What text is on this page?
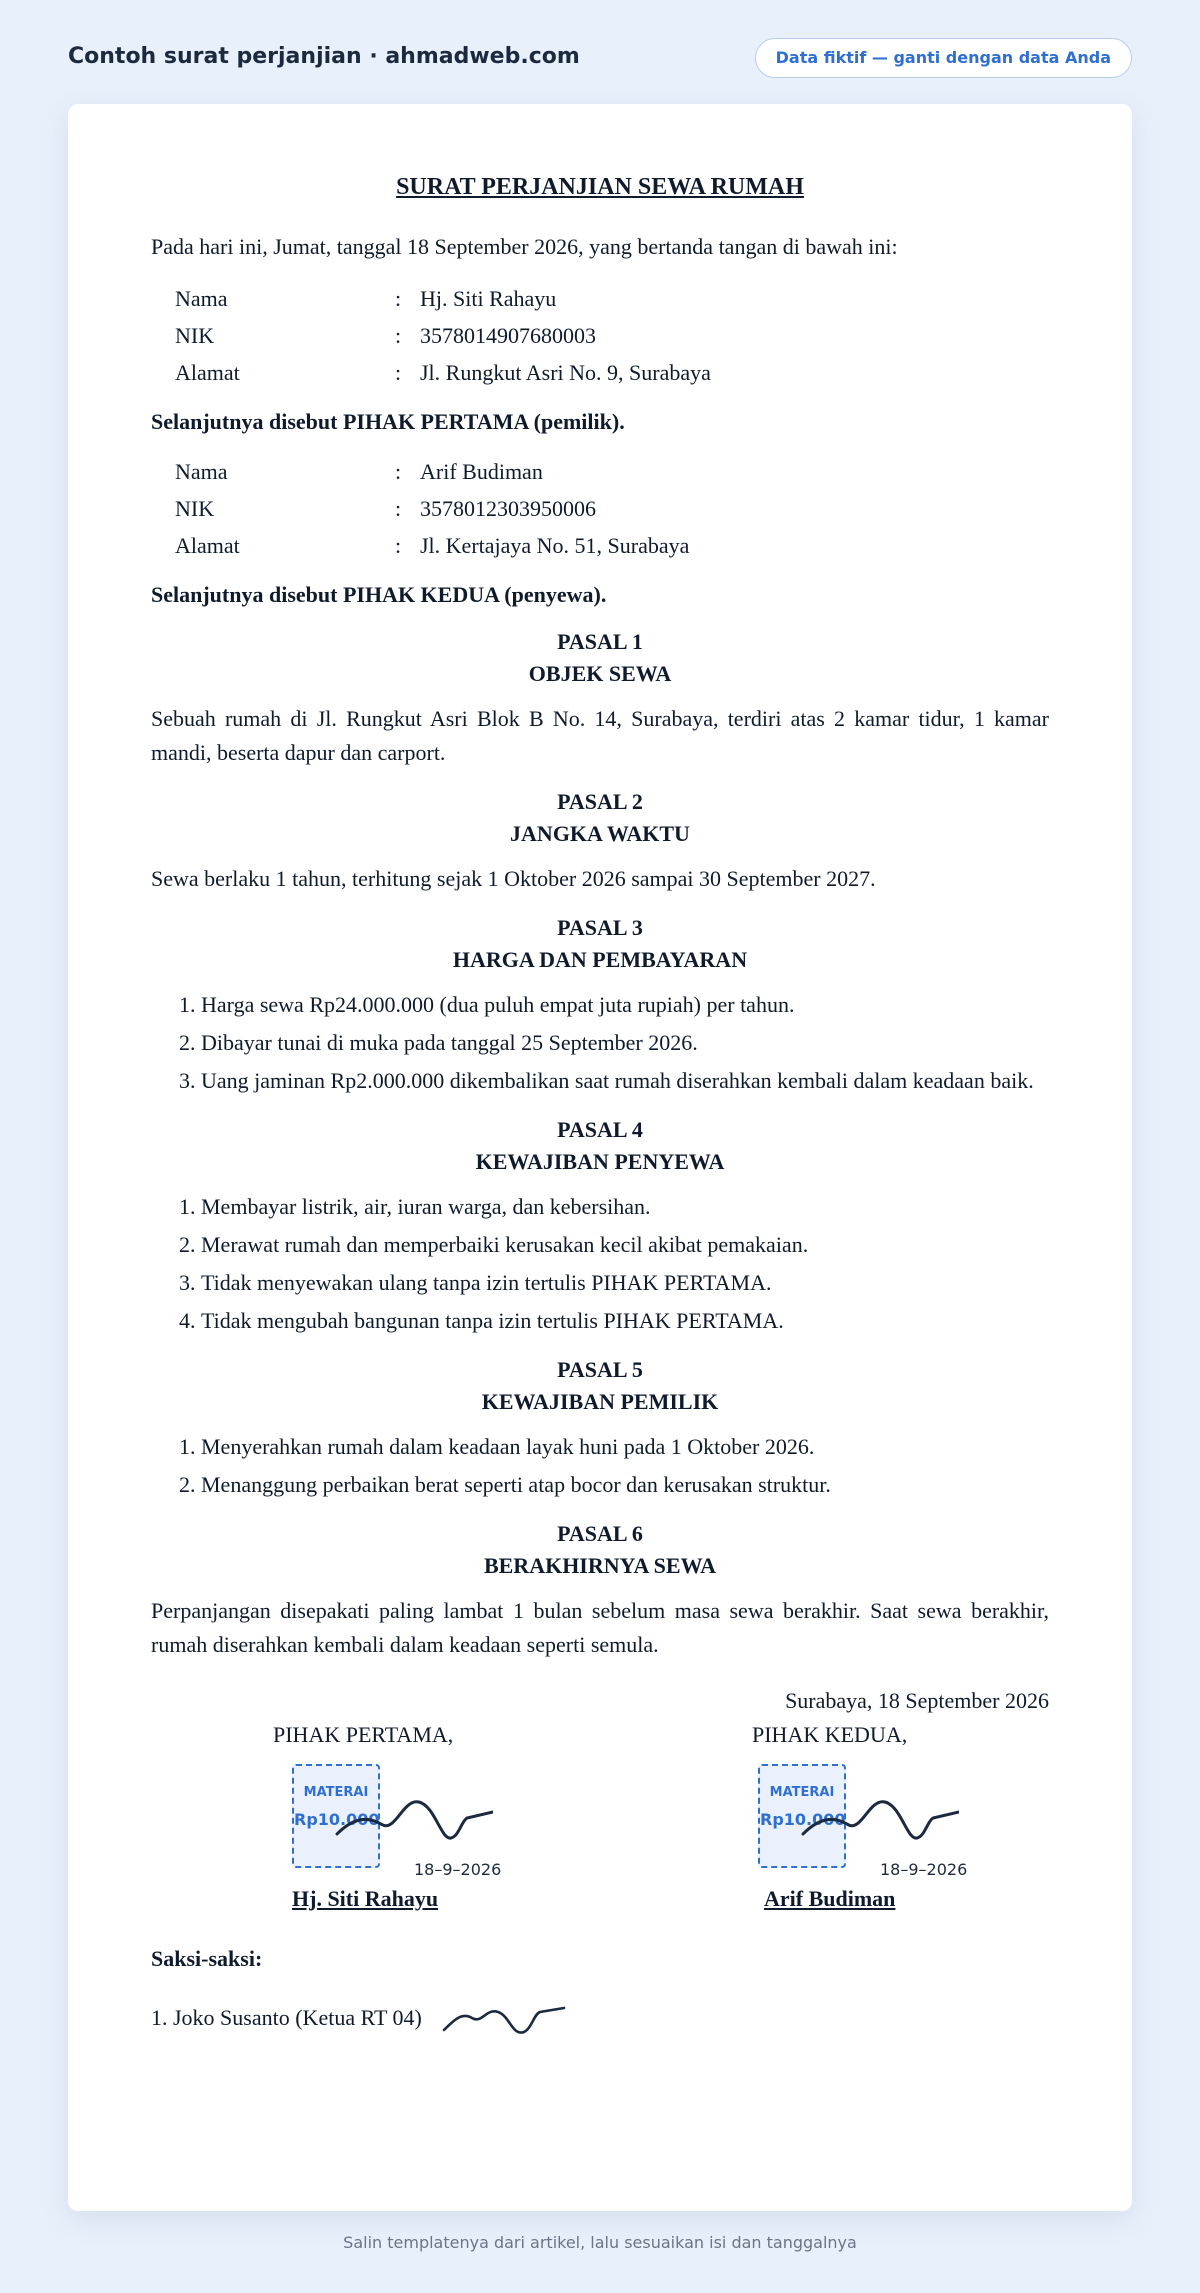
Contoh surat perjanjian · ahmadweb.com	Data fiktif — ganti dengan data Anda
SURAT PERJANJIAN SEWA RUMAH
Pada hari ini, Jumat, tanggal 18 September 2026, yang bertanda tangan di bawah ini:
Nama	: Hj. Siti Rahayu
NIK	: 3578014907680003
Alamat	: Jl. Rungkut Asri No. 9, Surabaya
Selanjutnya disebut PIHAK PERTAMA (pemilik).
Nama	: Arif Budiman
NIK	: 3578012303950006
Alamat	: Jl. Kertajaya No. 51, Surabaya
Selanjutnya disebut PIHAK KEDUA (penyewa).
PASAL 1
OBJEK SEWA
Sebuah rumah di Jl. Rungkut Asri Blok B No. 14, Surabaya, terdiri atas 2 kamar tidur, 1 kamar mandi, beserta dapur dan carport.
PASAL 2
JANGKA WAKTU
Sewa berlaku 1 tahun, terhitung sejak 1 Oktober 2026 sampai 30 September 2027.
PASAL 3
HARGA DAN PEMBAYARAN
1. Harga sewa Rp24.000.000 (dua puluh empat juta rupiah) per tahun.
2. Dibayar tunai di muka pada tanggal 25 September 2026.
3. Uang jaminan Rp2.000.000 dikembalikan saat rumah diserahkan kembali dalam keadaan baik.
PASAL 4
KEWAJIBAN PENYEWA
1. Membayar listrik, air, iuran warga, dan kebersihan.
2. Merawat rumah dan memperbaiki kerusakan kecil akibat pemakaian.
3. Tidak menyewakan ulang tanpa izin tertulis PIHAK PERTAMA.
4. Tidak mengubah bangunan tanpa izin tertulis PIHAK PERTAMA.
PASAL 5
KEWAJIBAN PEMILIK
1. Menyerahkan rumah dalam keadaan layak huni pada 1 Oktober 2026.
2. Menanggung perbaikan berat seperti atap bocor dan kerusakan struktur.
PASAL 6
BERAKHIRNYA SEWA
Perpanjangan disepakati paling lambat 1 bulan sebelum masa sewa berakhir. Saat sewa berakhir, rumah diserahkan kembali dalam keadaan seperti semula.
Surabaya, 18 September 2026
PIHAK PERTAMA,
MATERAI
Rp10.000
18–9–2026
Hj. Siti Rahayu
PIHAK KEDUA,
MATERAI
Rp10.000
18–9–2026
Arif Budiman
Saksi-saksi:
1. Joko Susanto (Ketua RT 04)
Salin templatenya dari artikel, lalu sesuaikan isi dan tanggalnya
